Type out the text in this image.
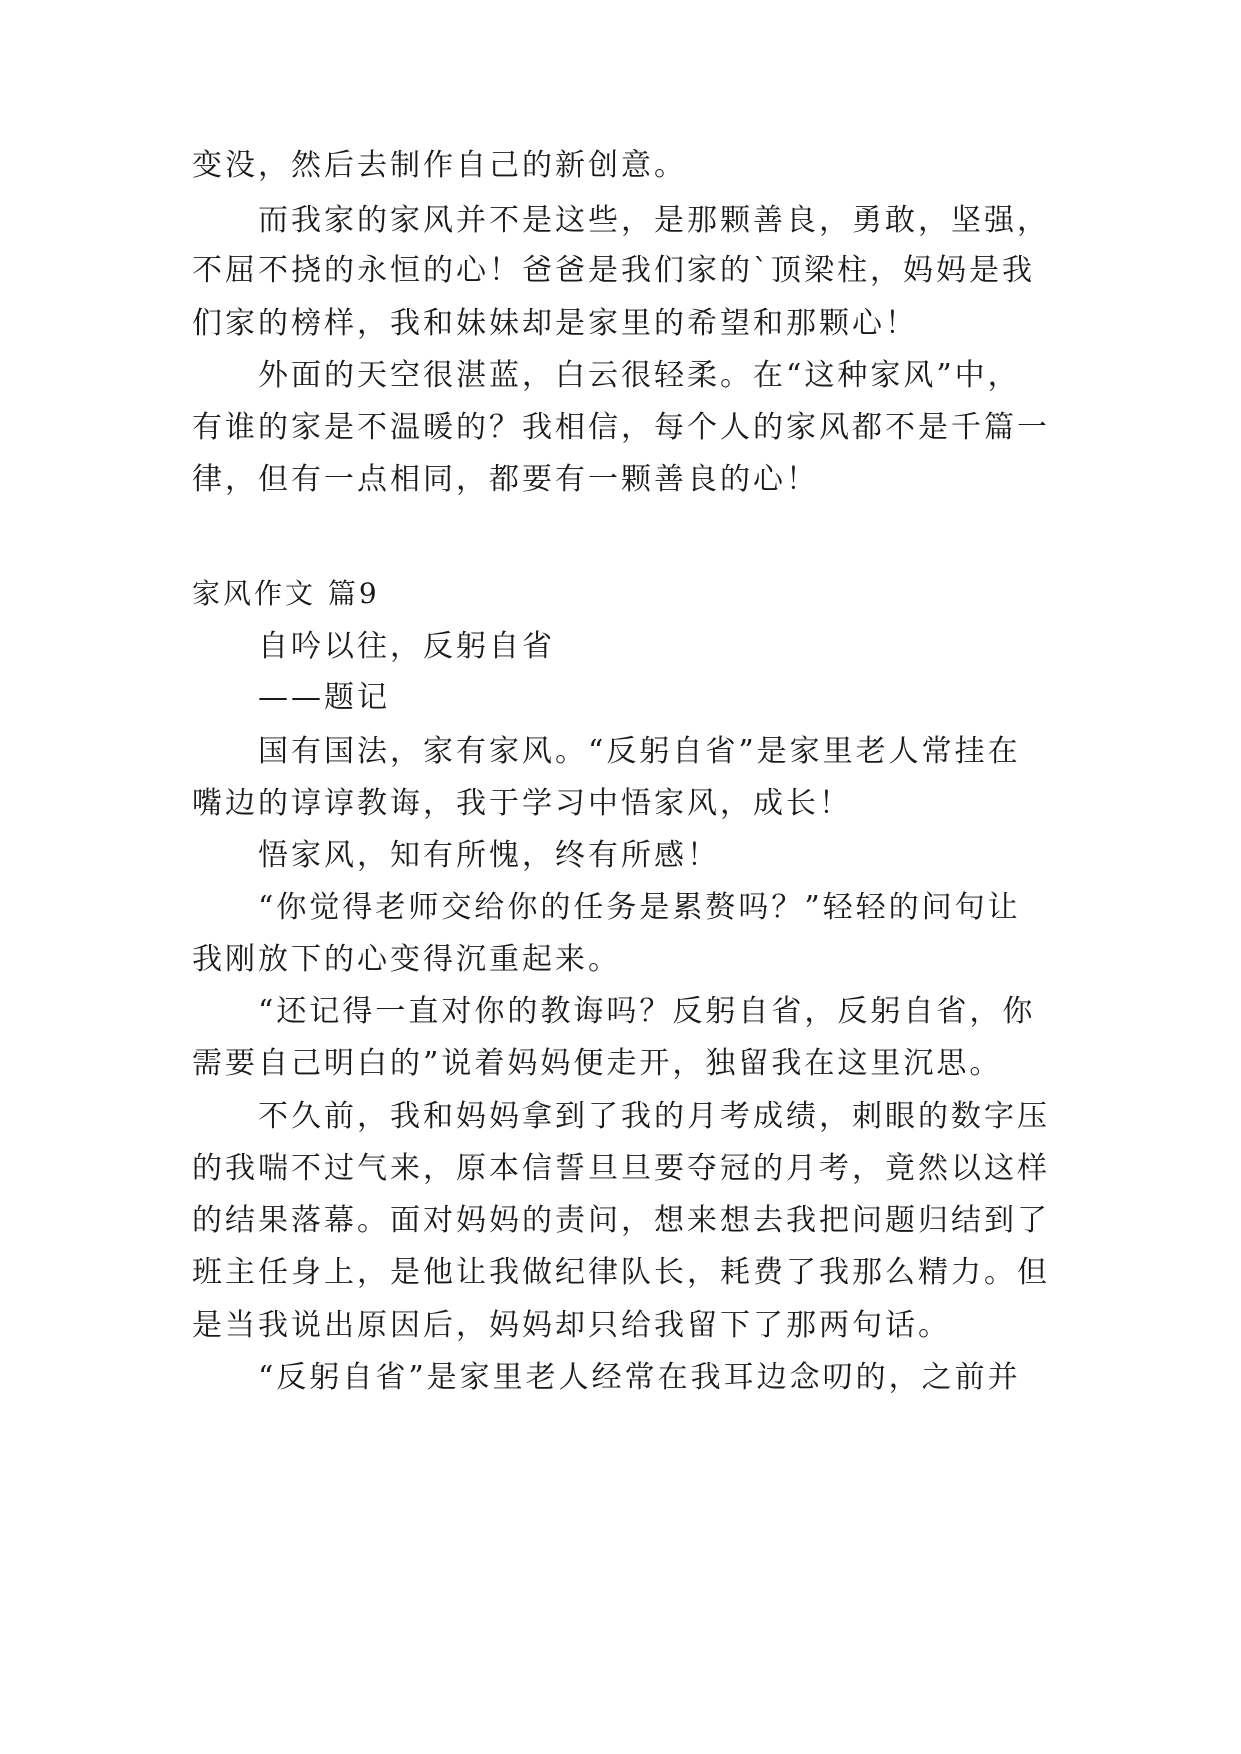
变没，然后去制作自己的新创意。
而我家的家风并不是这些，是那颗善良，勇敢，坚强，
不屈不挠的永恒的心！爸爸是我们家的`顶梁柱，妈妈是我
们家的榜样，我和妹妹却是家里的希望和那颗心！
外面的天空很湛蓝，白云很轻柔。在“这种家风”中，
有谁的家是不温暖的？我相信，每个人的家风都不是千篇一
律，但有一点相同，都要有一颗善良的心！
家风作文 篇9
自吟以往，反躬自省
——题记
国有国法，家有家风。“反躬自省”是家里老人常挂在
嘴边的谆谆教诲，我于学习中悟家风，成长！
悟家风，知有所愧，终有所感！
“你觉得老师交给你的任务是累赘吗？”轻轻的问句让
我刚放下的心变得沉重起来。
“还记得一直对你的教诲吗？反躬自省，反躬自省，你
需要自己明白的”说着妈妈便走开，独留我在这里沉思。
不久前，我和妈妈拿到了我的月考成绩，刺眼的数字压
的我喘不过气来，原本信誓旦旦要夺冠的月考，竟然以这样
的结果落幕。面对妈妈的责问，想来想去我把问题归结到了
班主任身上，是他让我做纪律队长，耗费了我那么精力。但
是当我说出原因后，妈妈却只给我留下了那两句话。
“反躬自省”是家里老人经常在我耳边念叨的，之前并
